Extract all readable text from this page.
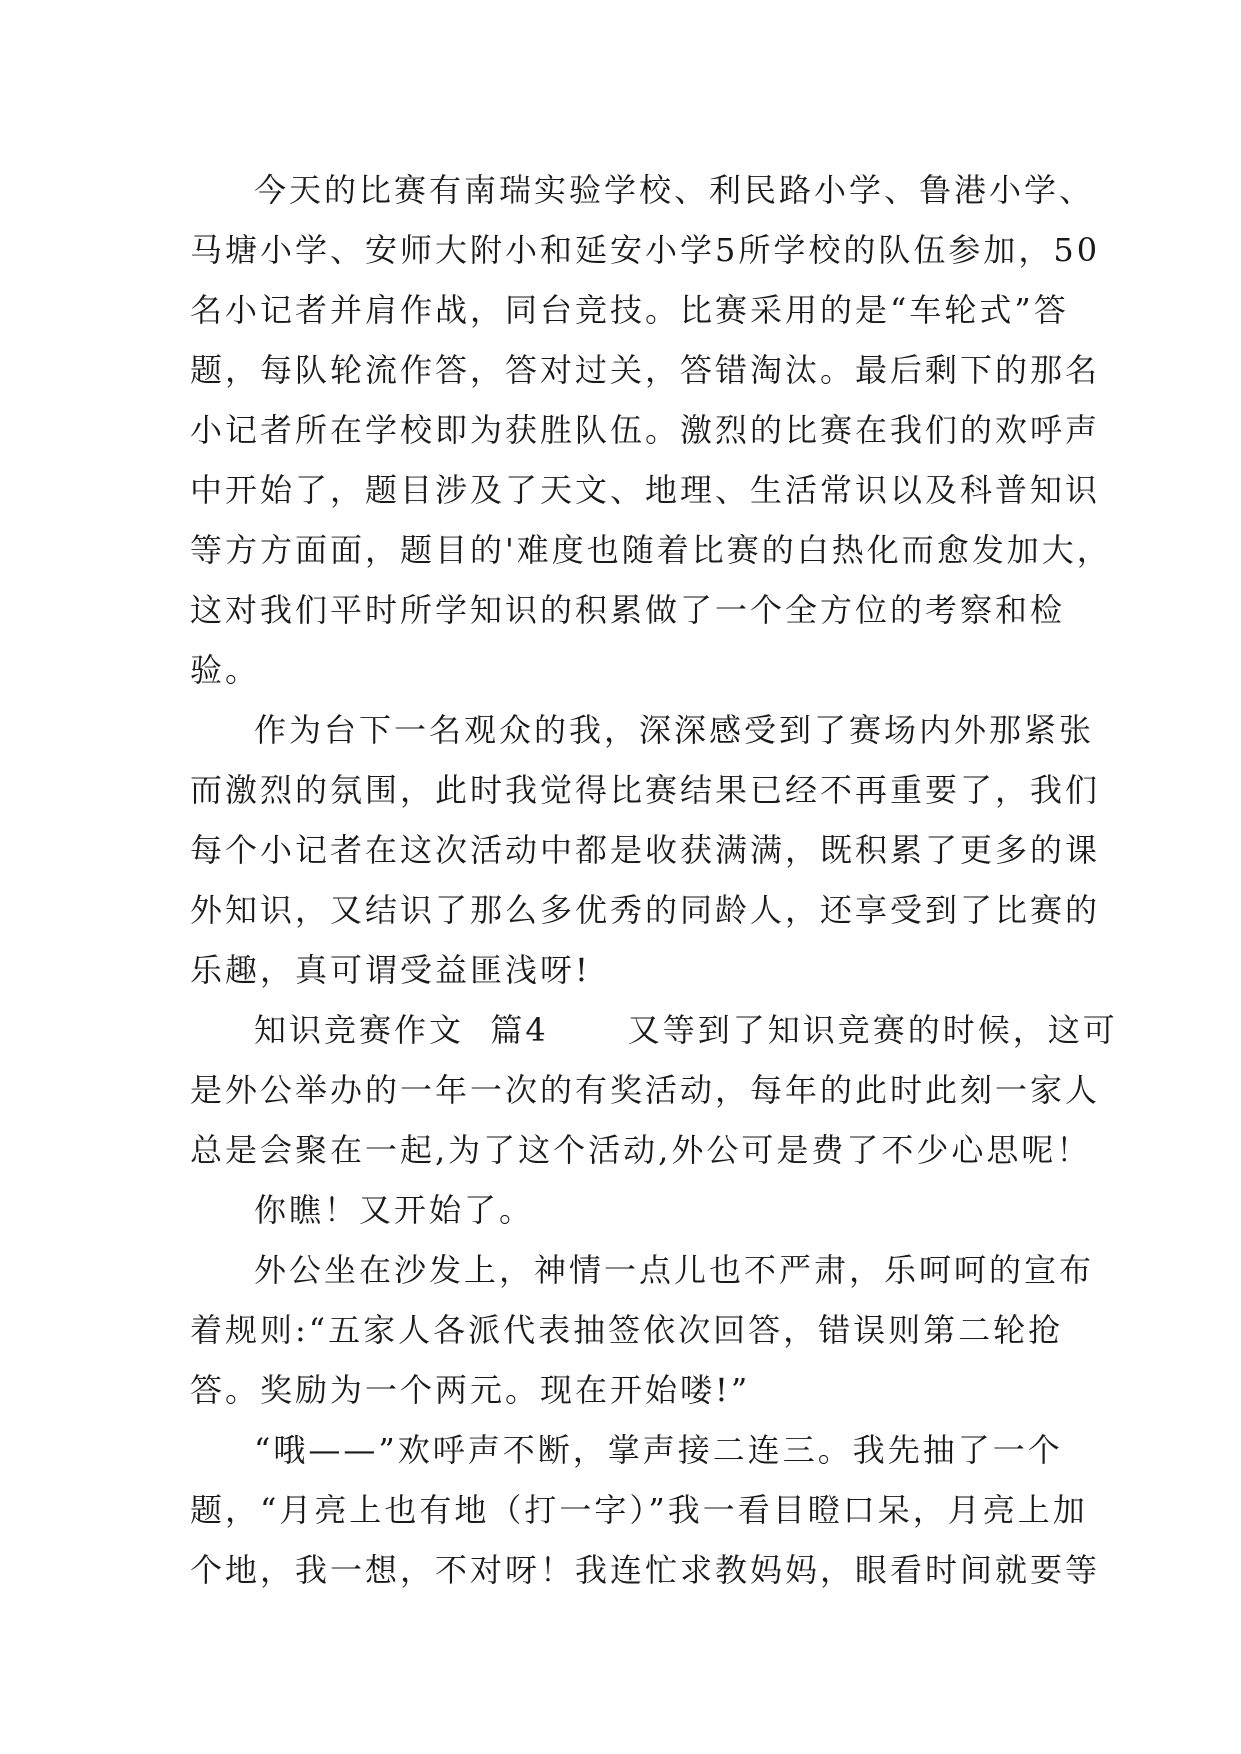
今天的比赛有南瑞实验学校、利民路小学、鲁港小学、
马塘小学、安师大附小和延安小学5所学校的队伍参加，50
名小记者并肩作战，同台竞技。比赛采用的是“车轮式”答
题，每队轮流作答，答对过关，答错淘汰。最后剩下的那名
小记者所在学校即为获胜队伍。激烈的比赛在我们的欢呼声
中开始了，题目涉及了天文、地理、生活常识以及科普知识
等方方面面，题目的'难度也随着比赛的白热化而愈发加大，
这对我们平时所学知识的积累做了一个全方位的考察和检
验。

作为台下一名观众的我，深深感受到了赛场内外那紧张
而激烈的氛围，此时我觉得比赛结果已经不再重要了，我们
每个小记者在这次活动中都是收获满满，既积累了更多的课
外知识，又结识了那么多优秀的同龄人，还享受到了比赛的
乐趣，真可谓受益匪浅呀!

知识竞赛作文  篇4      又等到了知识竞赛的时候，这可
是外公举办的一年一次的有奖活动，每年的此时此刻一家人
总是会聚在一起,为了这个活动,外公可是费了不少心思呢！

你瞧！又开始了。

外公坐在沙发上，神情一点儿也不严肃，乐呵呵的宣布
着规则:“五家人各派代表抽签依次回答，错误则第二轮抢
答。奖励为一个两元。现在开始喽!”

“哦——”欢呼声不断，掌声接二连三。我先抽了一个
题，“月亮上也有地（打一字）”我一看目瞪口呆，月亮上加
个地，我一想，不对呀！我连忙求教妈妈，眼看时间就要等
